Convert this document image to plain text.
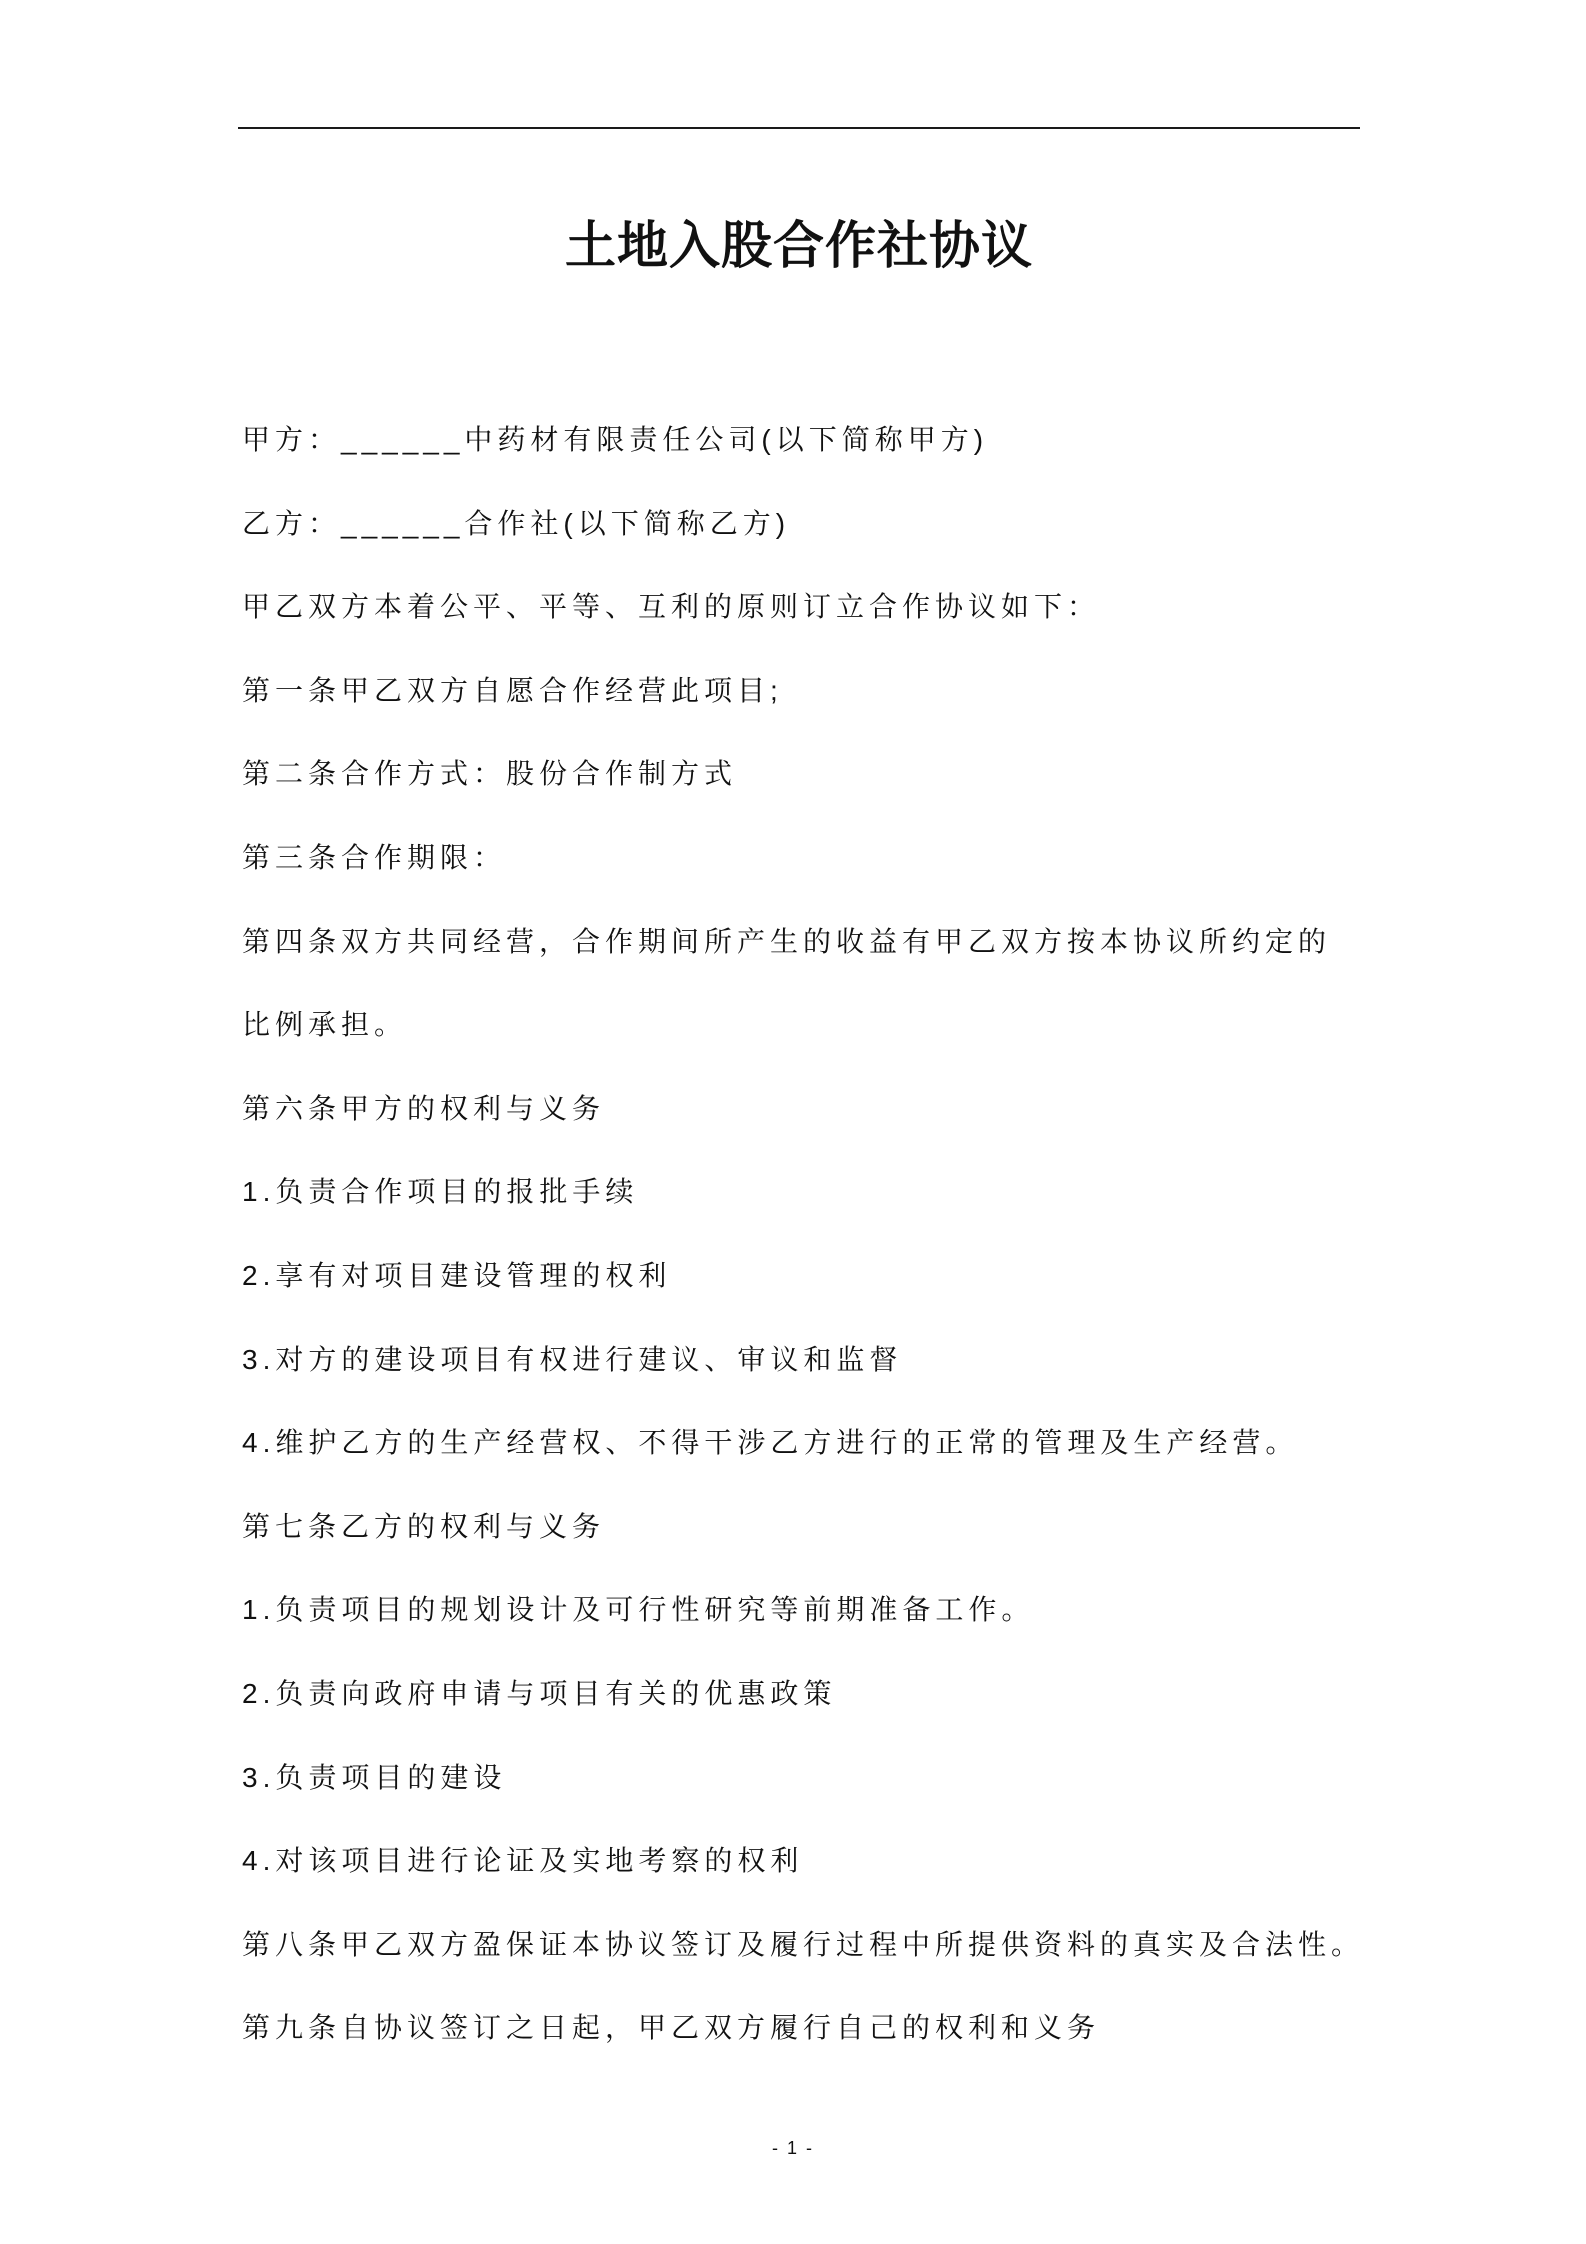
土地入股合作社协议
甲方：______中药材有限责任公司(以下简称甲方)
乙方：______合作社(以下简称乙方)
甲乙双方本着公平、平等、互利的原则订立合作协议如下：
第一条甲乙双方自愿合作经营此项目;
第二条合作方式：股份合作制方式
第三条合作期限：
第四条双方共同经营，合作期间所产生的收益有甲乙双方按本协议所约定的
比例承担。
第六条甲方的权利与义务
1.负责合作项目的报批手续
2.享有对项目建设管理的权利
3.对方的建设项目有权进行建议、审议和监督
4.维护乙方的生产经营权、不得干涉乙方进行的正常的管理及生产经营。
第七条乙方的权利与义务
1.负责项目的规划设计及可行性研究等前期准备工作。
2.负责向政府申请与项目有关的优惠政策
3.负责项目的建设
4.对该项目进行论证及实地考察的权利
第八条甲乙双方盈保证本协议签订及履行过程中所提供资料的真实及合法性。
第九条自协议签订之日起，甲乙双方履行自己的权利和义务
- 1 -
